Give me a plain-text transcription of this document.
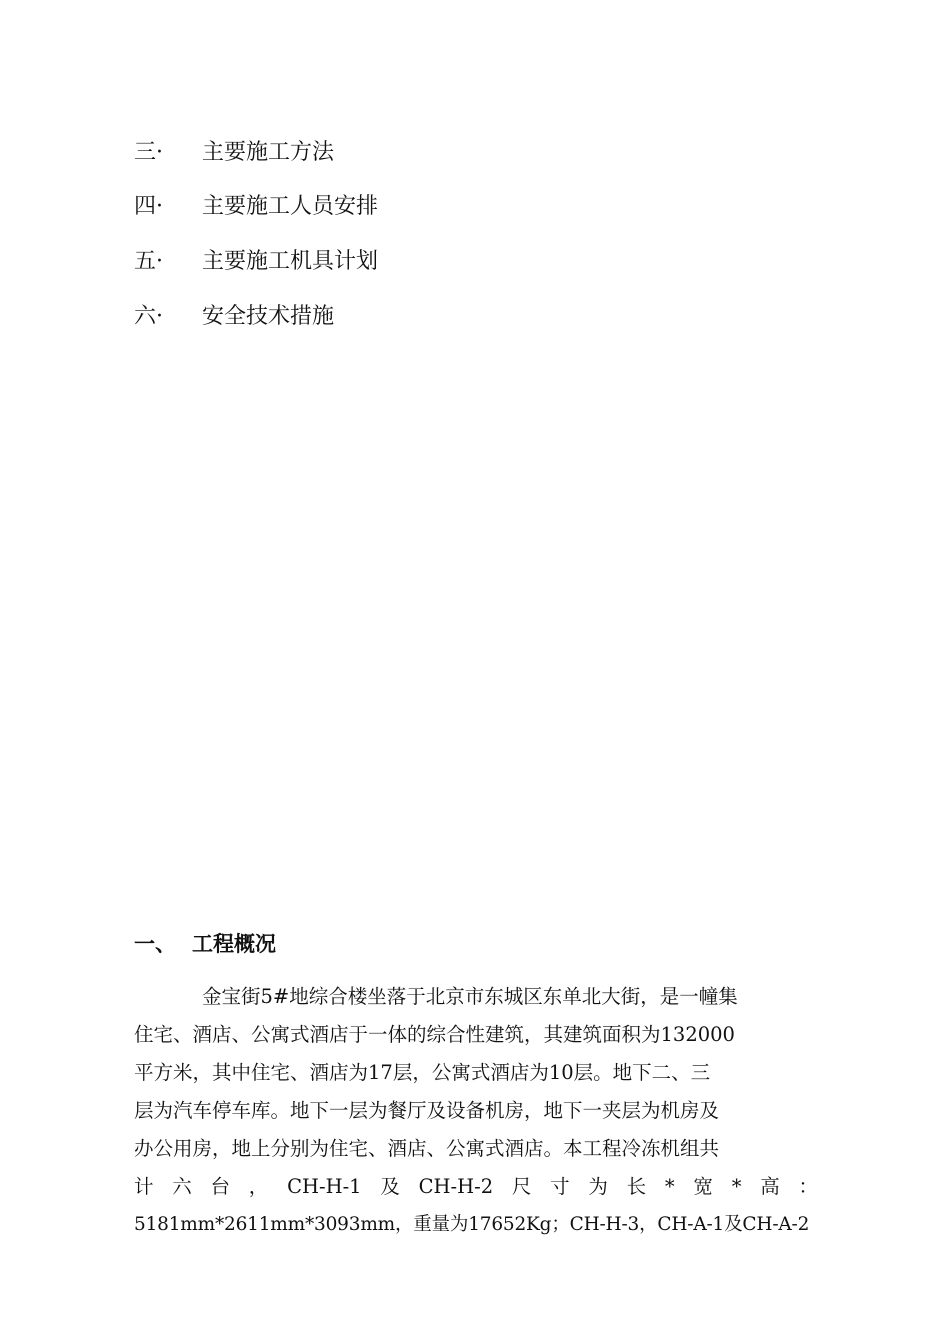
三·	主要施工方法
四·	主要施工人员安排
五·	主要施工机具计划
六·	安全技术措施
一、 工程概况
金宝街5#地综合楼坐落于北京市东城区东单北大街，是一幢集
住宅、酒店、公寓式酒店于一体的综合性建筑，其建筑面积为132000
平方米，其中住宅、酒店为17层，公寓式酒店为10层。地下二、三
层为汽车停车库。地下一层为餐厅及设备机房，地下一夹层为机房及
办公用房，地上分别为住宅、酒店、公寓式酒店。本工程冷冻机组共
计 六 台 ， CH-H-1 及 CH-H-2 尺 寸 为 长 * 宽 * 高 ：
5181mm*2611mm*3093mm，重量为17652Kg；CH-H-3，CH-A-1及CH-A-2
